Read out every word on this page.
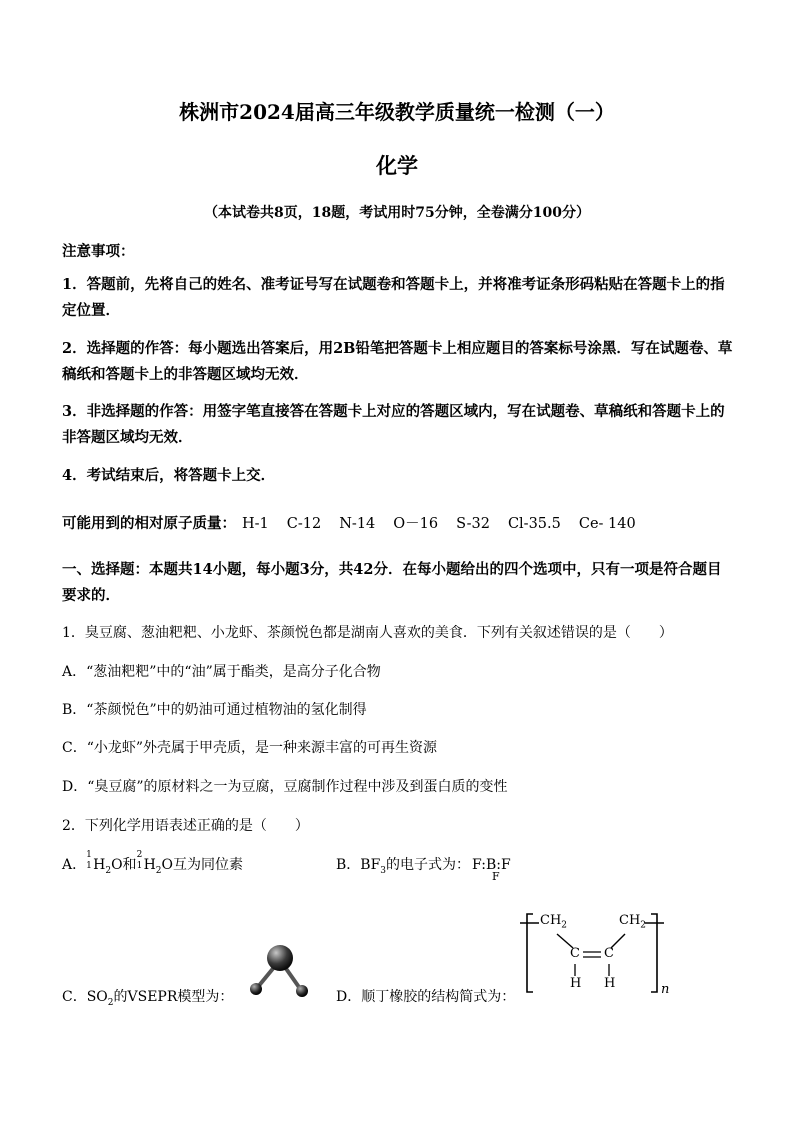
株洲市2024届高三年级教学质量统一检测（一）
化学
（本试卷共8页，18题，考试用时75分钟，全卷满分100分）
注意事项：
1．答题前，先将自己的姓名、准考证号写在试题卷和答题卡上，并将准考证条形码粘贴在答题卡上的指定位置．
2．选择题的作答：每小题选出答案后，用2B铅笔把答题卡上相应题目的答案标号涂黑．写在试题卷、草稿纸和答题卡上的非答题区域均无效．
3．非选择题的作答：用签字笔直接答在答题卡上对应的答题区域内，写在试题卷、草稿纸和答题卡上的非答题区域均无效．
4．考试结束后，将答题卡上交．
可能用到的相对原子质量： H-1 C-12 N-14 O－16 S-32 Cl-35.5 Ce- 140
一、选择题：本题共14小题，每小题3分，共42分．在每小题给出的四个选项中，只有一项是符合题目要求的．
1．臭豆腐、葱油粑粑、小龙虾、茶颜悦色都是湖南人喜欢的美食．下列有关叙述错误的是（　　）
A．“葱油粑粑”中的“油”属于酯类，是高分子化合物
B．“茶颜悦色”中的奶油可通过植物油的氢化制得
C．“小龙虾”外壳属于甲壳质，是一种来源丰富的可再生资源
D．“臭豆腐”的原材料之一为豆腐，豆腐制作过程中涉及到蛋白质的变性
2．下列化学用语表述正确的是（　　）
A．
1
1 $H_2O$和
2
1 $H_2O$互为同位素	B．$BF_3$的电子式为： F:B:F
F
C．$SO_2$的VSEPR模型为：	D．顺丁橡胶的结构简式为：
$CH_2$	$CH_2$
C C
H H	n
